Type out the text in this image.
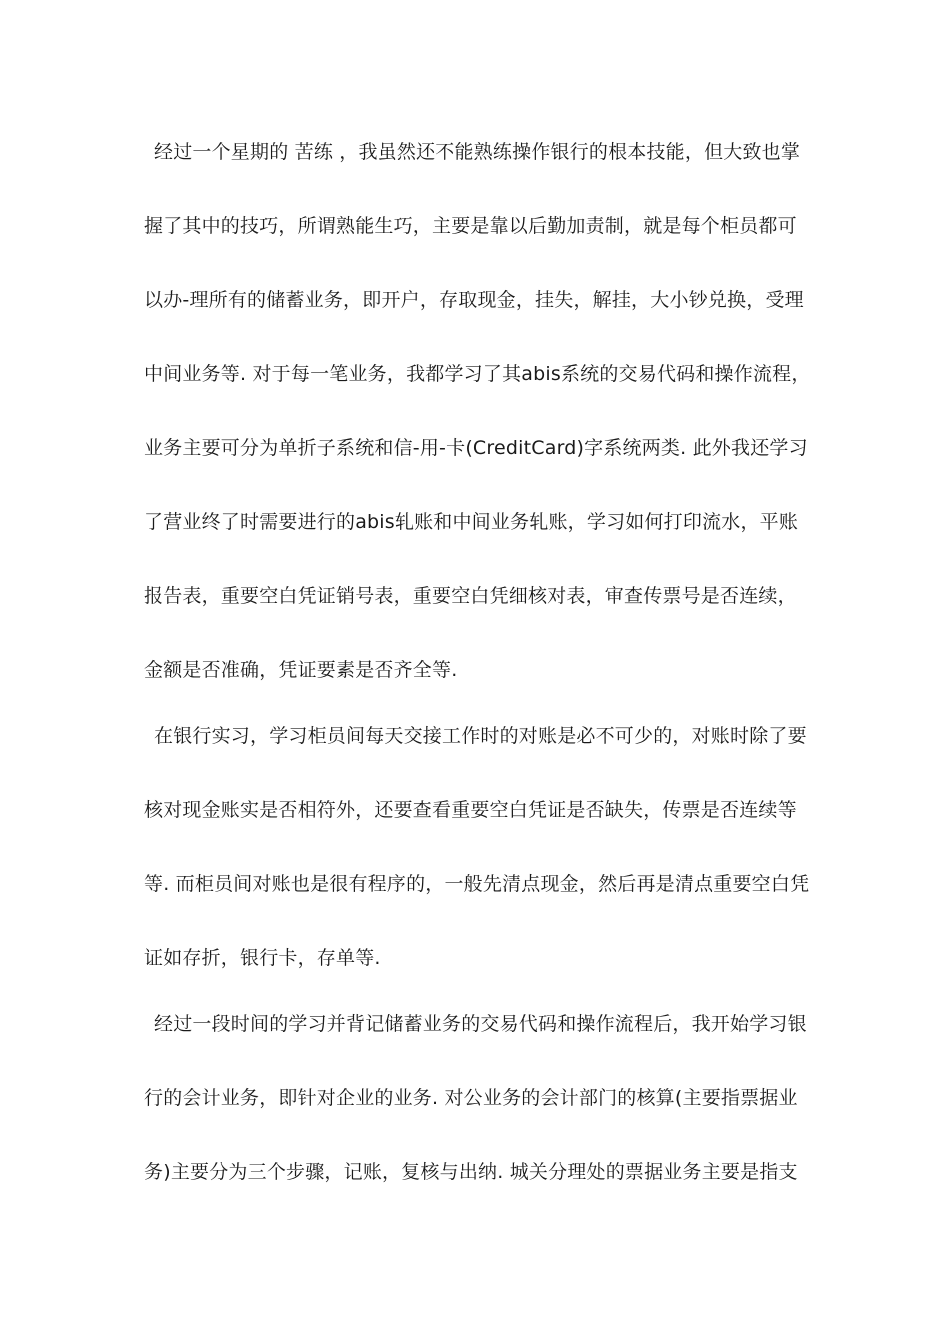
经过一个星期的 苦练 ，我虽然还不能熟练操作银行的根本技能，但大致也掌
握了其中的技巧，所谓熟能生巧，主要是靠以后勤加责制，就是每个柜员都可
以办-理所有的储蓄业务，即开户，存取现金，挂失，解挂，大小钞兑换，受理
中间业务等. 对于每一笔业务，我都学习了其abis系统的交易代码和操作流程，
业务主要可分为单折子系统和信-用-卡(CreditCard)字系统两类. 此外我还学习
了营业终了时需要进行的abis轧账和中间业务轧账，学习如何打印流水，平账
报告表，重要空白凭证销号表，重要空白凭细核对表，审查传票号是否连续，
金额是否准确，凭证要素是否齐全等.
在银行实习，学习柜员间每天交接工作时的对账是必不可少的，对账时除了要
核对现金账实是否相符外，还要查看重要空白凭证是否缺失，传票是否连续等
等. 而柜员间对账也是很有程序的，一般先清点现金，然后再是清点重要空白凭
证如存折，银行卡，存单等.
经过一段时间的学习并背记储蓄业务的交易代码和操作流程后，我开始学习银
行的会计业务，即针对企业的业务. 对公业务的会计部门的核算(主要指票据业
务)主要分为三个步骤，记账，复核与出纳. 城关分理处的票据业务主要是指支
